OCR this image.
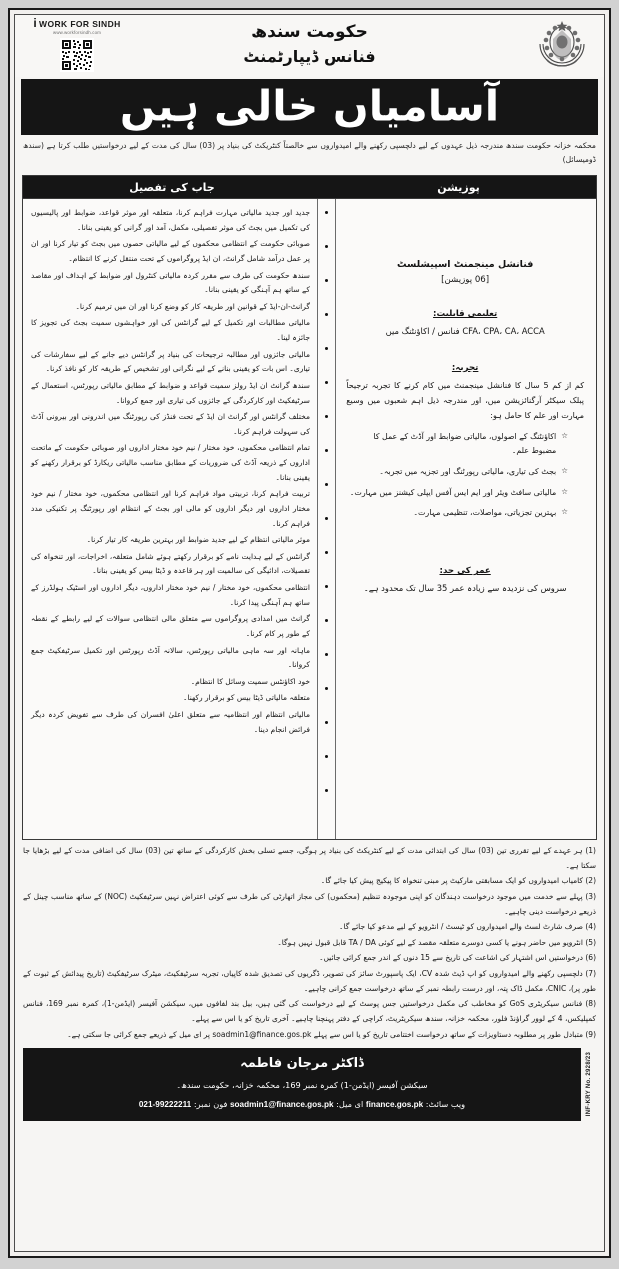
حکومت سندھ
فنانس ڈیپارٹمنٹ
i WORK FOR SINDH
www.workforsindh.com
آسامیاں خالی ہیں
محکمہ خزانہ حکومت سندھ مندرجہ ذیل عہدوں کے لیے دلچسپی رکھنے والے امیدواروں سے خالصتاً کنٹریکٹ کی بنیاد پر (03) سال کی مدت کے لیے درخواستیں طلب کرتا ہے (سندھ ڈومیسائل)
پوزیشن
جاب کی تفصیل
فنانشل مینجمنٹ اسپیشلسٹ
[06 پوزیشن]
تعلیمی قابلیت:
CFA، CPA، CA، ACCA فنانس / اکاؤنٹنگ میں
تجربہ:
کم از کم 5 سال کا فنانشل مینجمنٹ میں کام کرنے کا تجربہ ترجیحاً پبلک سیکٹر آرگنائزیشن میں، اور مندرجہ ذیل اہم شعبوں میں وسیع مہارت اور علم کا حامل ہو:
☆
اکاؤنٹنگ کے اصولوں، مالیاتی ضوابط اور آڈٹ کے عمل کا مضبوط علم۔
☆
بجٹ کی تیاری، مالیاتی رپورٹنگ اور تجزیہ میں تجربہ۔
☆
مالیاتی سافٹ ویئر اور ایم ایس آفس ایپلی کیشنز میں مہارت۔
☆
بہترین تجزیاتی، مواصلات، تنظیمی مہارت۔
عمر کی حد:
سروس کی نزدیدہ سے زیادہ عمر 35 سال تک محدود ہے۔
جدید اور جدید مالیاتی مہارت فراہم کرنا، متعلقہ اور موثر قواعد، ضوابط اور پالیسیوں کی تکمیل میں بجٹ کی موثر تفصیلی، مکمل، آمد اور گرانی کو یقینی بنانا۔
صوبائی حکومت کے انتظامی محکموں کے لیے مالیاتی حصوں میں بجٹ کو تیار کرنا اور ان پر عمل درآمد شامل گرانٹ، ان ایڈ پروگراموں کے تحت منتقل کرنے کا انتظام۔
سندھ حکومت کی طرف سے مقرر کردہ مالیاتی کنٹرول اور ضوابط کے اہداف اور مقاصد کے ساتھ ہم آہنگی کو یقینی بنانا۔
گرانٹ-ان-ایڈ کے قوانین اور طریقہ کار کو وضع کرنا اور ان میں ترمیم کرنا۔
مالیاتی مطالبات اور تکمیل کے لیے گرانٹس کی اور خواہشوں سمیت بجٹ کی تجویز کا جائزہ لینا۔
مالیاتی جائزوں اور مطالبہ ترجیحات کی بنیاد پر گرانٹس دیے جانے کے لیے سفارشات کی تیاری۔ اس بات کو یقینی بنانے کے لیے نگرانی اور تشخیص کے طریقہ کار کو نافذ کرنا۔
سندھ گرانٹ ان ایڈ رولز سمیت قواعد و ضوابط کے مطابق مالیاتی رپورٹس، استعمال کے سرٹیفکیٹ اور کارکردگی کے جائزوں کی تیاری اور جمع کروانا۔
مختلف گرانٹس اور گرانٹ ان ایڈ کے تحت فنڈز کی رپورٹنگ میں اندرونی اور بیرونی آڈٹ کی سہولت فراہم کرنا۔
تمام انتظامی محکموں، خود مختار / نیم خود مختار اداروں اور صوبائی حکومت کے ماتحت اداروں کے ذریعہ آڈٹ کی ضروریات کے مطابق مناسب مالیاتی ریکارڈ کو برقرار رکھنے کو یقینی بنانا۔
تربیت فراہم کرنا، تربیتی مواد فراہم کرنا اور انتظامی محکموں، خود مختار / نیم خود مختار اداروں اور دیگر اداروں کو مالی اور بجٹ کے انتظام اور رپورٹنگ پر تکنیکی مدد فراہم کرنا۔
موثر مالیاتی انتظام کے لیے جدید ضوابط اور بہترین طریقہ کار تیار کرنا۔
گرانٹس کے لیے ہدایت نامے کو برقرار رکھتے ہوئے شامل متعلقہ، اخراجات، اور تنخواہ کی تفصیلات، ادائیگی کی سالمیت اور ہر قاعدہ و ڈیٹا بیس کو یقینی بنانا۔
انتظامی محکموں، خود مختار / نیم خود مختار اداروں، دیگر اداروں اور اسٹیک ہولڈرز کے ساتھ ہم آہنگی پیدا کرنا۔
گرانٹ میں امدادی پروگراموں سے متعلق مالی انتظامی سوالات کے لیے رابطے کے نقطہ کے طور پر کام کرنا۔
ماہانہ اور سہ ماہی مالیاتی رپورٹس، سالانہ آڈٹ رپورٹس اور تکمیل سرٹیفکیٹ جمع کروانا۔
خود اکاؤنٹس سمیت وسائل کا انتظام۔
متعلقہ مالیاتی ڈیٹا بیس کو برقرار رکھنا۔
مالیاتی انتظام اور انتظامیہ سے متعلق اعلیٰ افسران کی طرف سے تفویض کردہ دیگر فرائض انجام دینا۔
(1) ہر عہدے کے لیے تقرری تین (03) سال کی ابتدائی مدت کے لیے کنٹریکٹ کی بنیاد پر ہوگی، جسے تسلی بخش کارکردگی کے ساتھ تین (03) سال کی اضافی مدت کے لیے بڑھایا جا سکتا ہے۔
(2) کامیاب امیدواروں کو ایک مسابقتی مارکیٹ پر مبنی تنخواہ کا پیکیج پیش کیا جائے گا۔
(3) پہلے سے خدمت میں موجود درخواست دہندگان کو اپنی موجودہ تنظیم (محکموں) کی مجاز اتھارٹی کی طرف سے کوئی اعتراض نہیں سرٹیفکیٹ (NOC) کے ساتھ مناسب چینل کے ذریعے درخواست دینی چاہیے۔
(4) صرف شارٹ لسٹ والے امیدواروں کو ٹیسٹ / انٹرویو کے لیے مدعو کیا جائے گا۔
(5) انٹرویو میں حاضر ہونے یا کسی دوسرے متعلقہ مقصد کے لیے کوئی TA / DA قابل قبول نہیں ہوگا۔
(6) درخواستیں اس اشتہار کی اشاعت کی تاریخ سے 15 دنوں کے اندر جمع کرائی جائیں۔
(7) دلچسپی رکھنے والے امیدواروں کو اپ ڈیٹ شدہ CV، ایک پاسپورٹ سائز کی تصویر، ڈگریوں کی تصدیق شدہ کاپیاں، تجربہ سرٹیفکیٹ، میٹرک سرٹیفکیٹ (تاریخ پیدائش کے ثبوت کے طور پر)، CNIC، مکمل ڈاک پتہ، اور درست رابطہ نمبر کے ساتھ درخواست جمع کرانی چاہیے۔
(8) فنانس سیکریٹری GoS کو مخاطب کی مکمل درخواستیں جس پوسٹ کے لیے درخواست کی گئی ہیں، بیل بند لفافوں میں، سیکشن آفیسر (ایڈمن-1)، کمرہ نمبر 169، فنانس کمپلیکس، 4 کے لوور گراؤنڈ فلور، محکمہ خزانہ، سندھ سیکریٹریٹ، کراچی کے دفتر پہنچنا چاہیے۔ آخری تاریخ کو یا اس سے پہلے۔
(9) متبادل طور پر مطلوبہ دستاویزات کے ساتھ درخواست اختتامی تاریخ کو یا اس سے پہلے soadmin1@finance.gos.pk پر ای میل کے ذریعے جمع کرائی جا سکتی ہے۔
INF-KRY No. 2928/23
ڈاکٹر مرجان فاطمہ
سیکشن آفیسر (ایڈمن-1) کمرہ نمبر 169، محکمہ خزانہ، حکومت سندھ۔
ویب سائٹ: finance.gos.pk ای میل: soadmin1@finance.gos.pk فون نمبر: 021-99222211
